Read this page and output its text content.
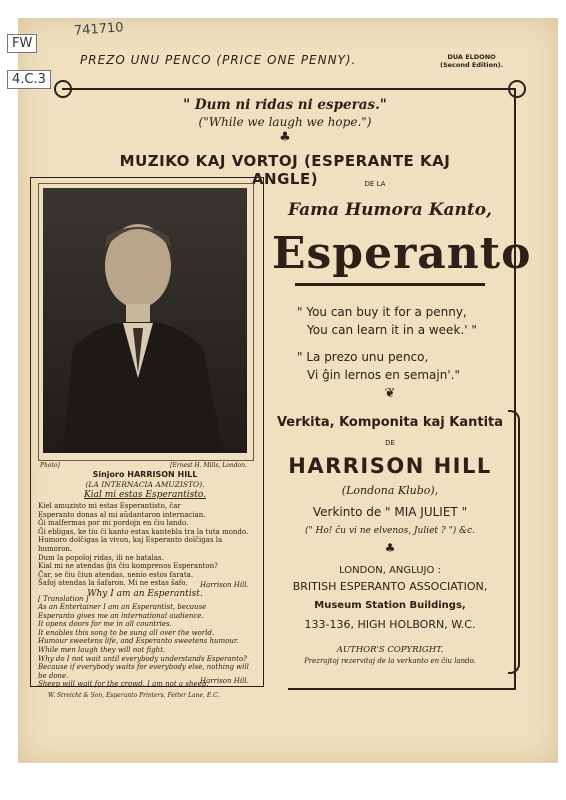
741710
FW
4.C.3
PREZO UNU PENCO (PRICE ONE PENNY).	DUA ELDONO
(Second Edition).
" Dum ni ridas ni esperas."
("While we laugh we hope.")
♣
MUZIKO KAJ VORTOJ (ESPERANTE KAJ ANGLE)	DE LA
Fama Humora Kanto,
Esperanto
" You can buy it for a penny,
You can learn it in a week.' "
" La prezo unu penco,
Vi ĝin lernos en semajn'."
❦
Verkita, Komponita kaj Kantita
DE
HARRISON HILL
(Londona Klubo),
Verkinto de " MIA JULIET "
(" Ho! ĉu vi ne elvenos, Juliet ? ") &c.
♣
LONDON, ANGLUJO :
BRITISH ESPERANTO ASSOCIATION,
Museum Station Buildings,
133-136, HIGH HOLBORN, W.C.
AUTHOR'S COPYRIGHT.
Prezrajtoj rezervitaj de la verkanto en ĉiu lando.
Photo]	[Ernest H. Mills, London.
Sinjoro HARRISON HILL
(LA INTERNACIA AMUZISTO).
Kial mi estas Esperantisto.
Kiel amuzisto mi estas Esperantisto, ĉar
Esperanto donas al mi aŭdantaron internacian.
Ĝi malfermas por mi pordojn en ĉiu lando.
Ĝi ebligas, ke tiu ĉi kanto estas kantebla tra la tuta mondo.
Humoro dolĉigas la vivon, kaj Esperanto dolĉigas la humoron.
Dum la popoloj ridas, ili ne batalas.
Kial mi ne atendas ĝis ĉiu komprenos Esperanton?
Ĉar, se ĉiu ĉiun atendas, nenio estos farata.
Ŝafoj atendas la ŝafaron. Mi ne estas ŝafo.	Harrison Hill.
Why I am an Esperantist.
[ Translation ]
As an Entertainer I am an Esperantist, because
Esperanto gives me an international audience.
It opens doors for me in all countries.
It enables this song to be sung all over the world.
Humour sweetens life, and Esperanto sweetens humour.
While men laugh they will not fight.
Why do I not wait until everybody understands Esperanto?
Because if everybody waits for everybody else, nothing will
be done.
Sheep will wait for the crowd. I am not a sheep.
Harrison Hill.
W. Streicht & Son, Esperanto Printers, Fetter Lane, E.C.
